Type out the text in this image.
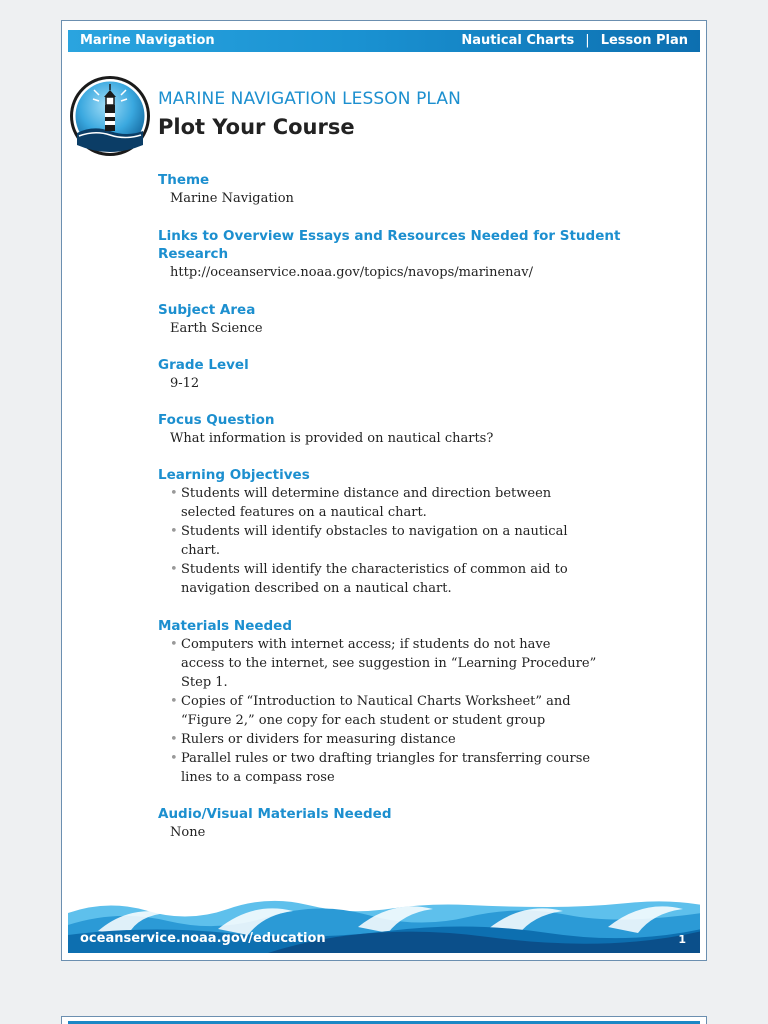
Marine Navigation	Nautical Charts | Lesson Plan
MARINE NAVIGATION LESSON PLAN
Plot Your Course
Theme

Marine Navigation

Links to Overview Essays and Resources Needed for Student
Research

http://oceanservice.noaa.gov/topics/navops/marinenav/

Subject Area

Earth Science

Grade Level

9-12

Focus Question

What information is provided on nautical charts?

Learning Objectives
• Students will determine distance and direction between
selected features on a nautical chart.
• Students will identify obstacles to navigation on a nautical
chart.
• Students will identify the characteristics of common aid to
navigation described on a nautical chart.
Materials Needed
• Computers with internet access; if students do not have
access to the internet, see suggestion in “Learning Procedure”
Step 1.
• Copies of “Introduction to Nautical Charts Worksheet” and
“Figure 2,” one copy for each student or student group
• Rulers or dividers for measuring distance
• Parallel rules or two drafting triangles for transferring course
lines to a compass rose
Audio/Visual Materials Needed

None

oceanservice.noaa.gov/education	1
